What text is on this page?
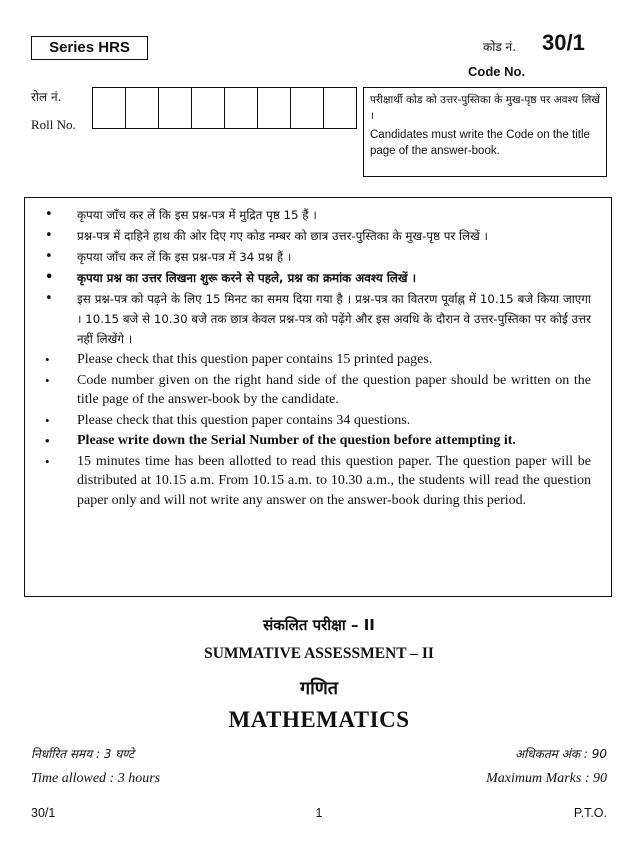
Series HRS	कोड नं. 30/1
Code No.
रोल नं.
Roll No.
परीक्षार्थी कोड को उत्तर-पुस्तिका के मुख-पृष्ठ पर अवश्य लिखें ।
Candidates must write the Code on the title page of the answer-book.
• कृपया जाँच कर लें कि इस प्रश्न-पत्र में मुद्रित पृष्ठ 15 हैं ।
• प्रश्न-पत्र में दाहिने हाथ की ओर दिए गए कोड नम्बर को छात्र उत्तर-पुस्तिका के मुख-पृष्ठ पर लिखें ।
• कृपया जाँच कर लें कि इस प्रश्न-पत्र में 34 प्रश्न हैं ।
• कृपया प्रश्न का उत्तर लिखना शुरू करने से पहले, प्रश्न का क्रमांक अवश्य लिखें ।
• इस प्रश्न-पत्र को पढ़ने के लिए 15 मिनट का समय दिया गया है । प्रश्न-पत्र का वितरण पूर्वाह्न में 10.15 बजे किया जाएगा । 10.15 बजे से 10.30 बजे तक छात्र केवल प्रश्न-पत्र को पढ़ेंगे और इस अवधि के दौरान वे उत्तर-पुस्तिका पर कोई उत्तर नहीं लिखेंगे ।
• Please check that this question paper contains 15 printed pages.
• Code number given on the right hand side of the question paper should be written on the title page of the answer-book by the candidate.
• Please check that this question paper contains 34 questions.
• Please write down the Serial Number of the question before attempting it.
• 15 minutes time has been allotted to read this question paper. The question paper will be distributed at 10.15 a.m. From 10.15 a.m. to 10.30 a.m., the students will read the question paper only and will not write any answer on the answer-book during this period.
संकलित परीक्षा – II
SUMMATIVE ASSESSMENT – II
गणित
MATHEMATICS
निर्धारित समय : 3 घण्टे	अधिकतम अंक : 90
Time allowed : 3 hours	Maximum Marks : 90
30/1	1	P.T.O.
